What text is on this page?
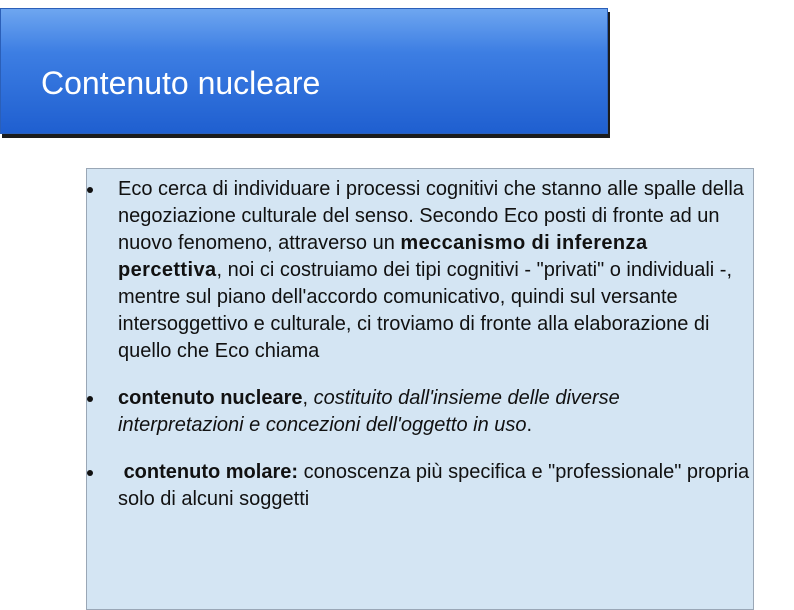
Contenuto nucleare
Eco cerca di individuare i processi cognitivi che stanno alle spalle della negoziazione culturale del senso. Secondo Eco posti di fronte ad un nuovo fenomeno, attraverso un meccanismo di inferenza percettiva, noi ci costruiamo dei tipi cognitivi - "privati" o individuali -, mentre sul piano dell'accordo comunicativo, quindi sul versante intersoggettivo e culturale, ci troviamo di fronte alla elaborazione di quello che Eco chiama
contenuto nucleare, costituito dall'insieme delle diverse interpretazioni e concezioni dell'oggetto in uso.
contenuto molare: conoscenza più specifica e "professionale" propria solo di alcuni soggetti
